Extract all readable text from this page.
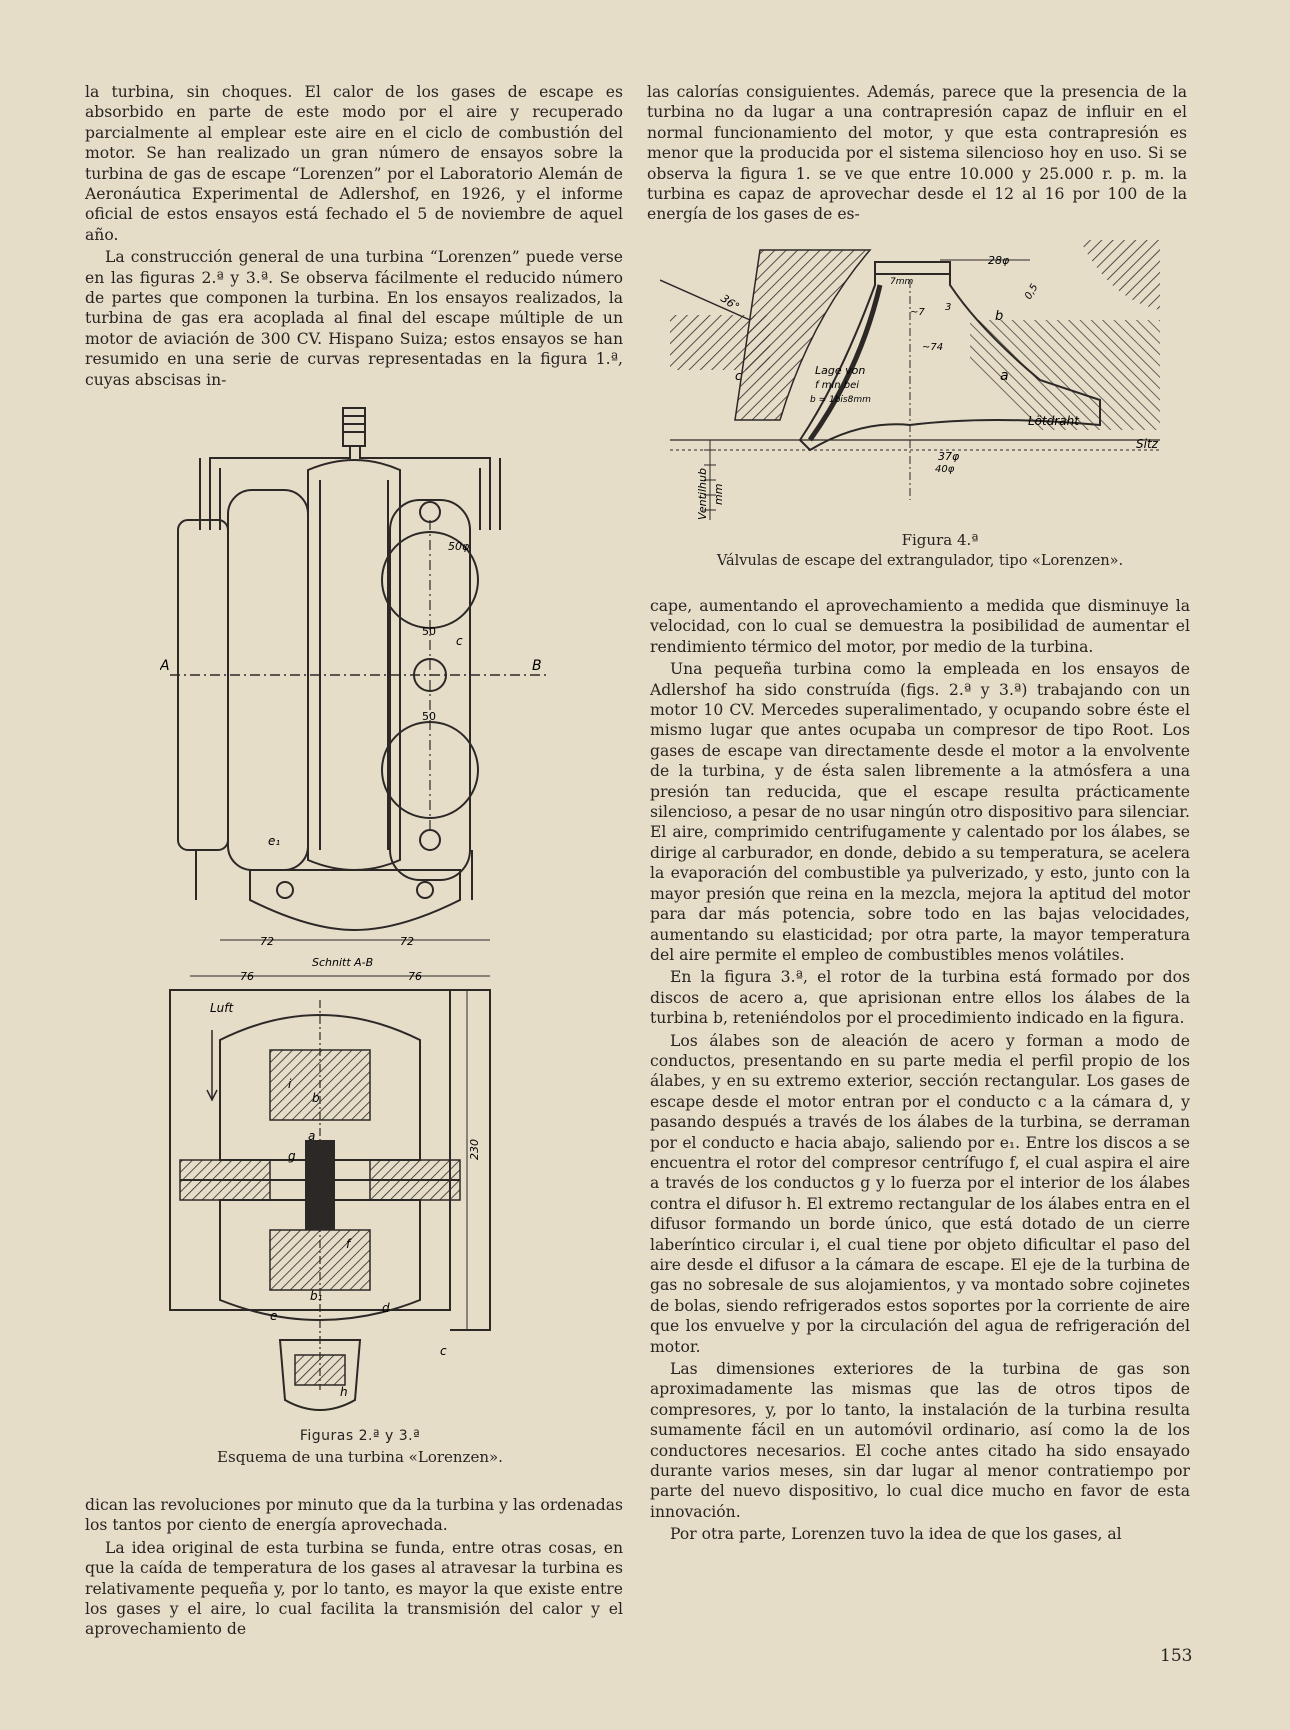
la turbina, sin choques. El calor de los gases de escape es absorbido en parte de este modo por el aire y recuperado parcialmente al emplear este aire en el ciclo de combustión del motor. Se han realizado un gran número de ensayos sobre la turbina de gas de escape “Lorenzen” por el Laboratorio Alemán de Aeronáutica Experimental de Adlershof, en 1926, y el informe oficial de estos ensayos está fechado el 5 de noviembre de aquel año.

La construcción general de una turbina “Lorenzen” puede verse en las figuras 2.ª y 3.ª. Se observa fácilmente el reducido número de partes que componen la turbina. En los ensayos realizados, la turbina de gas era acoplada al final del escape múltiple de un motor de aviación de 300 CV. Hispano Suiza; estos ensayos se han resumido en una serie de curvas representadas en la figura 1.ª, cuyas abscisas in-

A	B
50φ
50
50
c
e₁
72	72
Schnitt A-B
76	76
Luft
i
b
a
g
f
230
b₁
d
e
c
h
Figuras 2.ª y 3.ª
Esquema de una turbina «Lorenzen».

dican las revoluciones por minuto que da la turbina y las ordenadas los tantos por ciento de energía aprovechada.

La idea original de esta turbina se funda, entre otras cosas, en que la caída de temperatura de los gases al atravesar la turbina es relativamente pequeña y, por lo tanto, es mayor la que existe entre los gases y el aire, lo cual facilita la transmisión del calor y el aprovechamiento de

las calorías consiguientes. Además, parece que la presencia de la turbina no da lugar a una contrapresión capaz de influir en el normal funcionamiento del motor, y que esta contrapresión es menor que la producida por el sistema silencioso hoy en uso. Si se observa la figura 1. se ve que entre 10.000 y 25.000 r. p. m. la turbina es capaz de aprovechar desde el 12 al 16 por 100 de la energía de los gases de es-

28φ
7mm
0,5
36°
a
b
c
3
~7
~74
Lage von
f min bei
b = 1bis8mm
Lötdraht
Sitz
37φ
40φ
Ventilhub mm
Figura 4.ª
Válvulas de escape del extrangulador, tipo «Lorenzen».

cape, aumentando el aprovechamiento a medida que disminuye la velocidad, con lo cual se demuestra la posibilidad de aumentar el rendimiento térmico del motor, por medio de la turbina.

Una pequeña turbina como la empleada en los ensayos de Adlershof ha sido construída (figs. 2.ª y 3.ª) trabajando con un motor 10 CV. Mercedes superalimentado, y ocupando sobre éste el mismo lugar que antes ocupaba un compresor de tipo Root. Los gases de escape van directamente desde el motor a la envolvente de la turbina, y de ésta salen libremente a la atmósfera a una presión tan reducida, que el escape resulta prácticamente silencioso, a pesar de no usar ningún otro dispositivo para silenciar. El aire, comprimido centrifugamente y calentado por los álabes, se dirige al carburador, en donde, debido a su temperatura, se acelera la evaporación del combustible ya pulverizado, y esto, junto con la mayor presión que reina en la mezcla, mejora la aptitud del motor para dar más potencia, sobre todo en las bajas velocidades, aumentando su elasticidad; por otra parte, la mayor temperatura del aire permite el empleo de combustibles menos volátiles.

En la figura 3.ª, el rotor de la turbina está formado por dos discos de acero a, que aprisionan entre ellos los álabes de la turbina b, reteniéndolos por el procedimiento indicado en la figura.

Los álabes son de aleación de acero y forman a modo de conductos, presentando en su parte media el perfil propio de los álabes, y en su extremo exterior, sección rectangular. Los gases de escape desde el motor entran por el conducto c a la cámara d, y pasando después a través de los álabes de la turbina, se derraman por el conducto e hacia abajo, saliendo por e₁. Entre los discos a se encuentra el rotor del compresor centrífugo f, el cual aspira el aire a través de los conductos g y lo fuerza por el interior de los álabes contra el difusor h. El extremo rectangular de los álabes entra en el difusor formando un borde único, que está dotado de un cierre laberíntico circular i, el cual tiene por objeto dificultar el paso del aire desde el difusor a la cámara de escape. El eje de la turbina de gas no sobresale de sus alojamientos, y va montado sobre cojinetes de bolas, siendo refrigerados estos soportes por la corriente de aire que los envuelve y por la circulación del agua de refrigeración del motor.

Las dimensiones exteriores de la turbina de gas son aproximadamente las mismas que las de otros tipos de compresores, y, por lo tanto, la instalación de la turbina resulta sumamente fácil en un automóvil ordinario, así como la de los conductores necesarios. El coche antes citado ha sido ensayado durante varios meses, sin dar lugar al menor contratiempo por parte del nuevo dispositivo, lo cual dice mucho en favor de esta innovación.

Por otra parte, Lorenzen tuvo la idea de que los gases, al

153
